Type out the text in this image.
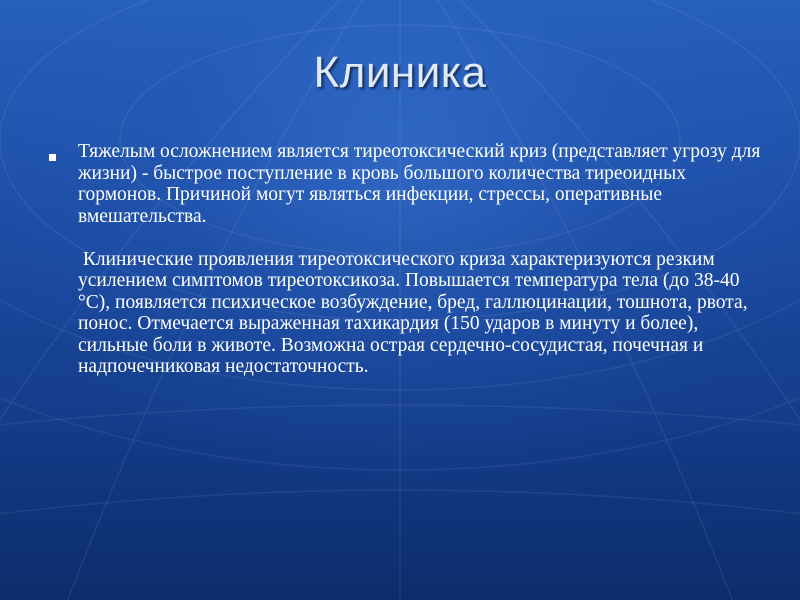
Клиника

Тяжелым осложнением является тиреотоксический криз (представляет угрозу для жизни) - быстрое поступление в кровь большого количества тиреоидных гормонов. Причиной могут являться инфекции, стрессы, оперативные вмешательства.

Клинические проявления тиреотоксического криза характеризуются резким усилением симптомов тиреотоксикоза. Повышается температура тела (до 38-40 °С), появляется психическое возбуждение, бред, галлюцинации, тошнота, рвота, понос. Отмечается выраженная тахикардия (150 ударов в минуту и более), сильные боли в животе. Возможна острая сердечно-сосудистая, почечная и надпочечниковая недостаточность.
